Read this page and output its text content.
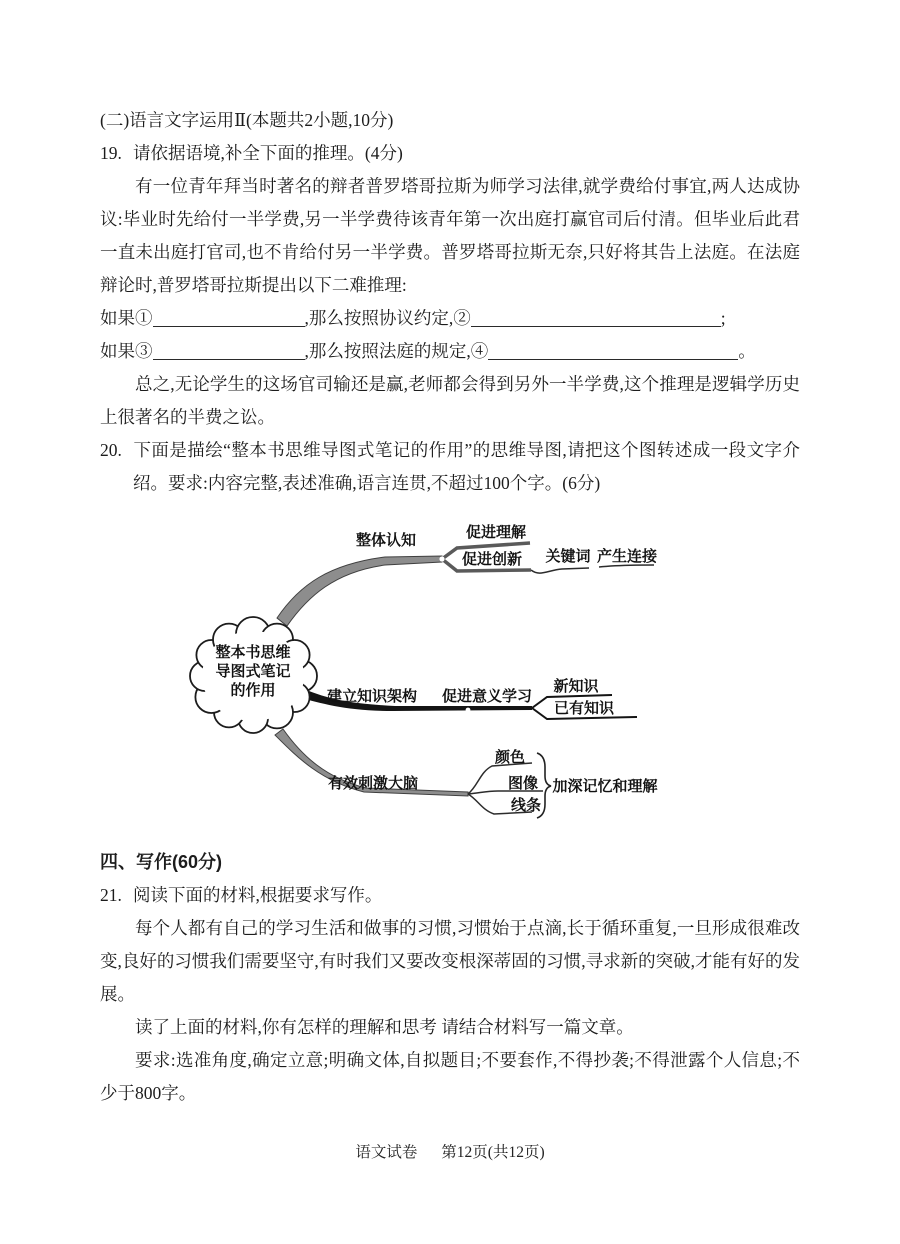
(二)语言文字运用Ⅱ(本题共2小题,10分)

19. 请依据语境,补全下面的推理。(4分)

有一位青年拜当时著名的辩者普罗塔哥拉斯为师学习法律,就学费给付事宜,两人达成协议:毕业时先给付一半学费,另一半学费待该青年第一次出庭打赢官司后付清。但毕业后此君一直未出庭打官司,也不肯给付另一半学费。普罗塔哥拉斯无奈,只好将其告上法庭。在法庭辩论时,普罗塔哥拉斯提出以下二难推理:

如果①	,那么按照协议约定,②	;

如果③	,那么按照法庭的规定,④	。

总之,无论学生的这场官司输还是赢,老师都会得到另外一半学费,这个推理是逻辑学历史上很著名的半费之讼。

20. 下面是描绘“整本书思维导图式笔记的作用”的思维导图,请把这个图转述成一段文字介绍。要求:内容完整,表述准确,语言连贯,不超过100个字。(6分)

整本书思维
导图式笔记
的作用
整体认知	促进理解
促进创新 关键词 产生连接
建立知识架构 促进意义学习
新知识
已有知识
有效刺激大脑
颜色
图像
线条
加深记忆和理解

四、写作(60分)

21. 阅读下面的材料,根据要求写作。

每个人都有自己的学习生活和做事的习惯,习惯始于点滴,长于循环重复,一旦形成很难改变,良好的习惯我们需要坚守,有时我们又要改变根深蒂固的习惯,寻求新的突破,才能有好的发展。

读了上面的材料,你有怎样的理解和思考 请结合材料写一篇文章。

要求:选准角度,确定立意;明确文体,自拟题目;不要套作,不得抄袭;不得泄露个人信息;不少于800字。

语文试卷 第12页(共12页)
